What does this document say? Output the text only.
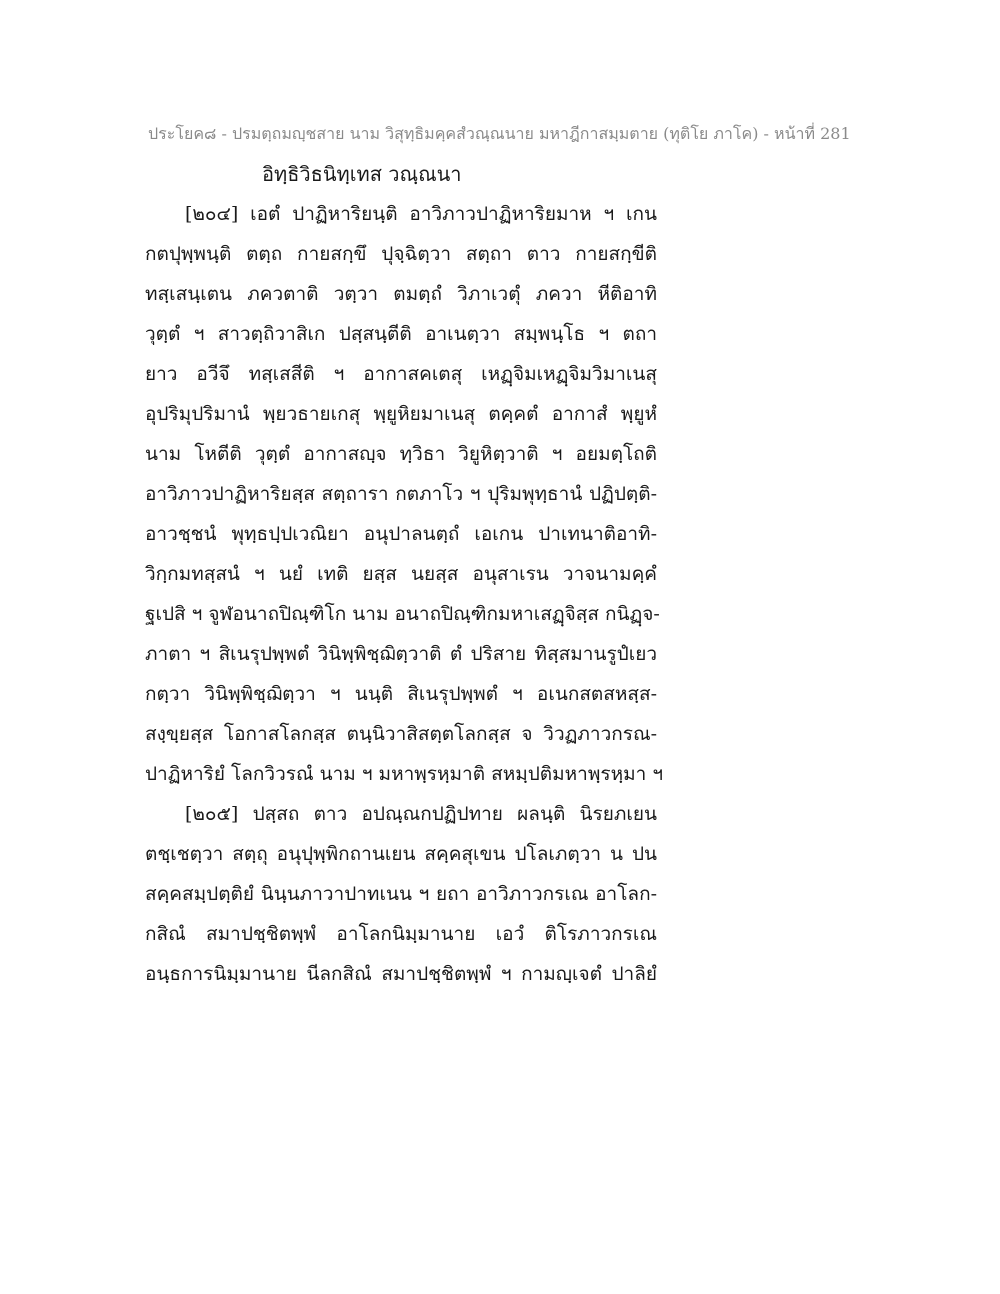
ประโยค๘ - ปรมตฺถมญฺชสาย นาม วิสุทฺธิมคฺคสํวณฺณนาย มหาฎีกาสมฺมตาย (ทุติโย ภาโค) - หน้าที่ 281
อิทฺธิวิธนิทฺเทส วณฺณนา
[๒๐๔] เอตํ ปาฏิหาริยนฺติ อาวิภาวปาฏิหาริยมาห ฯ เกน
กตปุพฺพนฺติ ตตฺถ กายสกฺขึ ปุจฺฉิตฺวา สตฺถา ตาว กายสกฺขีติ
ทสฺเสนฺเตน ภควตาติ วตฺวา ตมตฺถํ วิภาเวตุํ ภควา หีติอาทิ
วุตฺตํ ฯ สาวตฺถิวาสิเก ปสฺสนฺตีติ อาเนตฺวา สมฺพนฺโธ ฯ ตถา
ยาว อวีจึ ทสฺเสสีติ ฯ อากาสคเตสุ เหฏฺจิมเหฏฺจิมวิมาเนสุ
อุปริมุปริมานํ พฺยวธายเกสุ พฺยูหิยมาเนสุ ตคฺคตํ อากาสํ พฺยูหํ
นาม โหตีติ วุตฺตํ อากาสญฺจ ทฺวิธา วิยูหิตฺวาติ ฯ อยมตฺโถติ
อาวิภาวปาฏิหาริยสฺส สตฺถารา กตภาโว ฯ ปุริมพุทฺธานํ ปฏิปตฺติ-
อาวชฺชนํ พุทฺธปฺปเวณิยา อนุปาลนตฺถํ เอเกน ปาเทนาติอาทิ-
วิกฺกมทสฺสนํ ฯ นยํ เทติ ยสฺส นยสฺส อนุสาเรน วาจนามคฺคํ
ฐเปสิ ฯ จูฬอนาถปิณฺฑิโก นาม อนาถปิณฺฑิกมหาเสฏฺจิสฺส กนิฏฺจ-
ภาตา ฯ สิเนรุปพฺพตํ วินิพฺพิชฺฌิตฺวาติ ตํ ปริสาย ทิสฺสมานรูปํเยว
กตฺวา วินิพฺพิชฺฌิตฺวา ฯ นนฺติ สิเนรุปพฺพตํ ฯ อเนกสตสหสฺส-
สงฺขฺยสฺส โอกาสโลกสฺส ตนฺนิวาสิสตฺตโลกสฺส จ วิวฏภาวกรณ-
ปาฏิหาริยํ โลกวิวรณํ นาม ฯ มหาพฺรหฺมาติ สหมฺปติมหาพฺรหฺมา ฯ
[๒๐๕] ปสฺสถ ตาว อปณฺณกปฏิปทาย ผลนฺติ นิรยภเยน
ตชฺเชตฺวา สตฺถุ อนุปุพฺพิกถานเยน สคฺคสุเขน ปโลเภตฺวา น ปน
สคฺคสมฺปตฺติยํ นินฺนภาวาปาทเนน ฯ ยถา อาวิภาวกรเณ อาโลก-
กสิณํ สมาปชฺชิตพฺพํ อาโลกนิมฺมานาย เอวํ ติโรภาวกรเณ
อนฺธการนิมฺมานาย นีลกสิณํ สมาปชฺชิตพฺพํ ฯ กามญฺเจตํ ปาลิยํ
